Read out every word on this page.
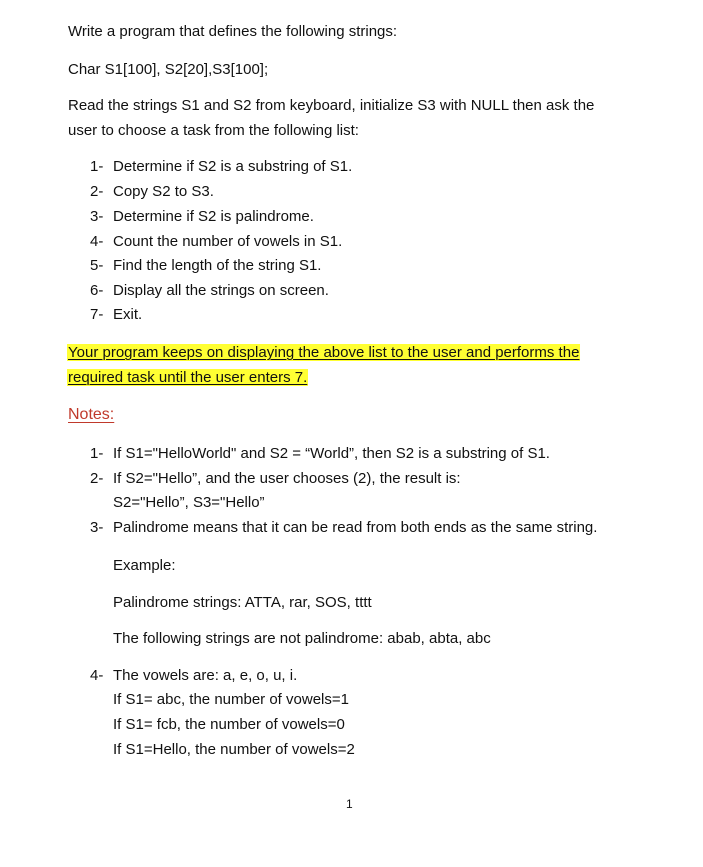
Write a program that defines the following strings:
Char S1[100], S2[20],S3[100];
Read the strings S1 and S2 from keyboard, initialize S3 with NULL then ask the
user to choose a task from the following list:
1- Determine if S2 is a substring of S1.
2- Copy S2 to S3.
3- Determine if S2 is palindrome.
4- Count the number of vowels in S1.
5- Find the length of the string S1.
6- Display all the strings on screen.
7- Exit.
Your program keeps on displaying the above list to the user and performs the
required task until the user enters 7.
Notes:
1- If S1="HelloWorld" and S2 = “World”, then S2 is a substring of S1.
2- If S2="Hello”, and the user chooses (2), the result is:
S2="Hello”, S3="Hello”
3- Palindrome means that it can be read from both ends as the same string.
Example:
Palindrome strings: ATTA, rar, SOS, tttt
The following strings are not palindrome: abab, abta, abc
4- The vowels are: a, e, o, u, i.
If S1= abc, the number of vowels=1
If S1= fcb, the number of vowels=0
If S1=Hello, the number of vowels=2
1
